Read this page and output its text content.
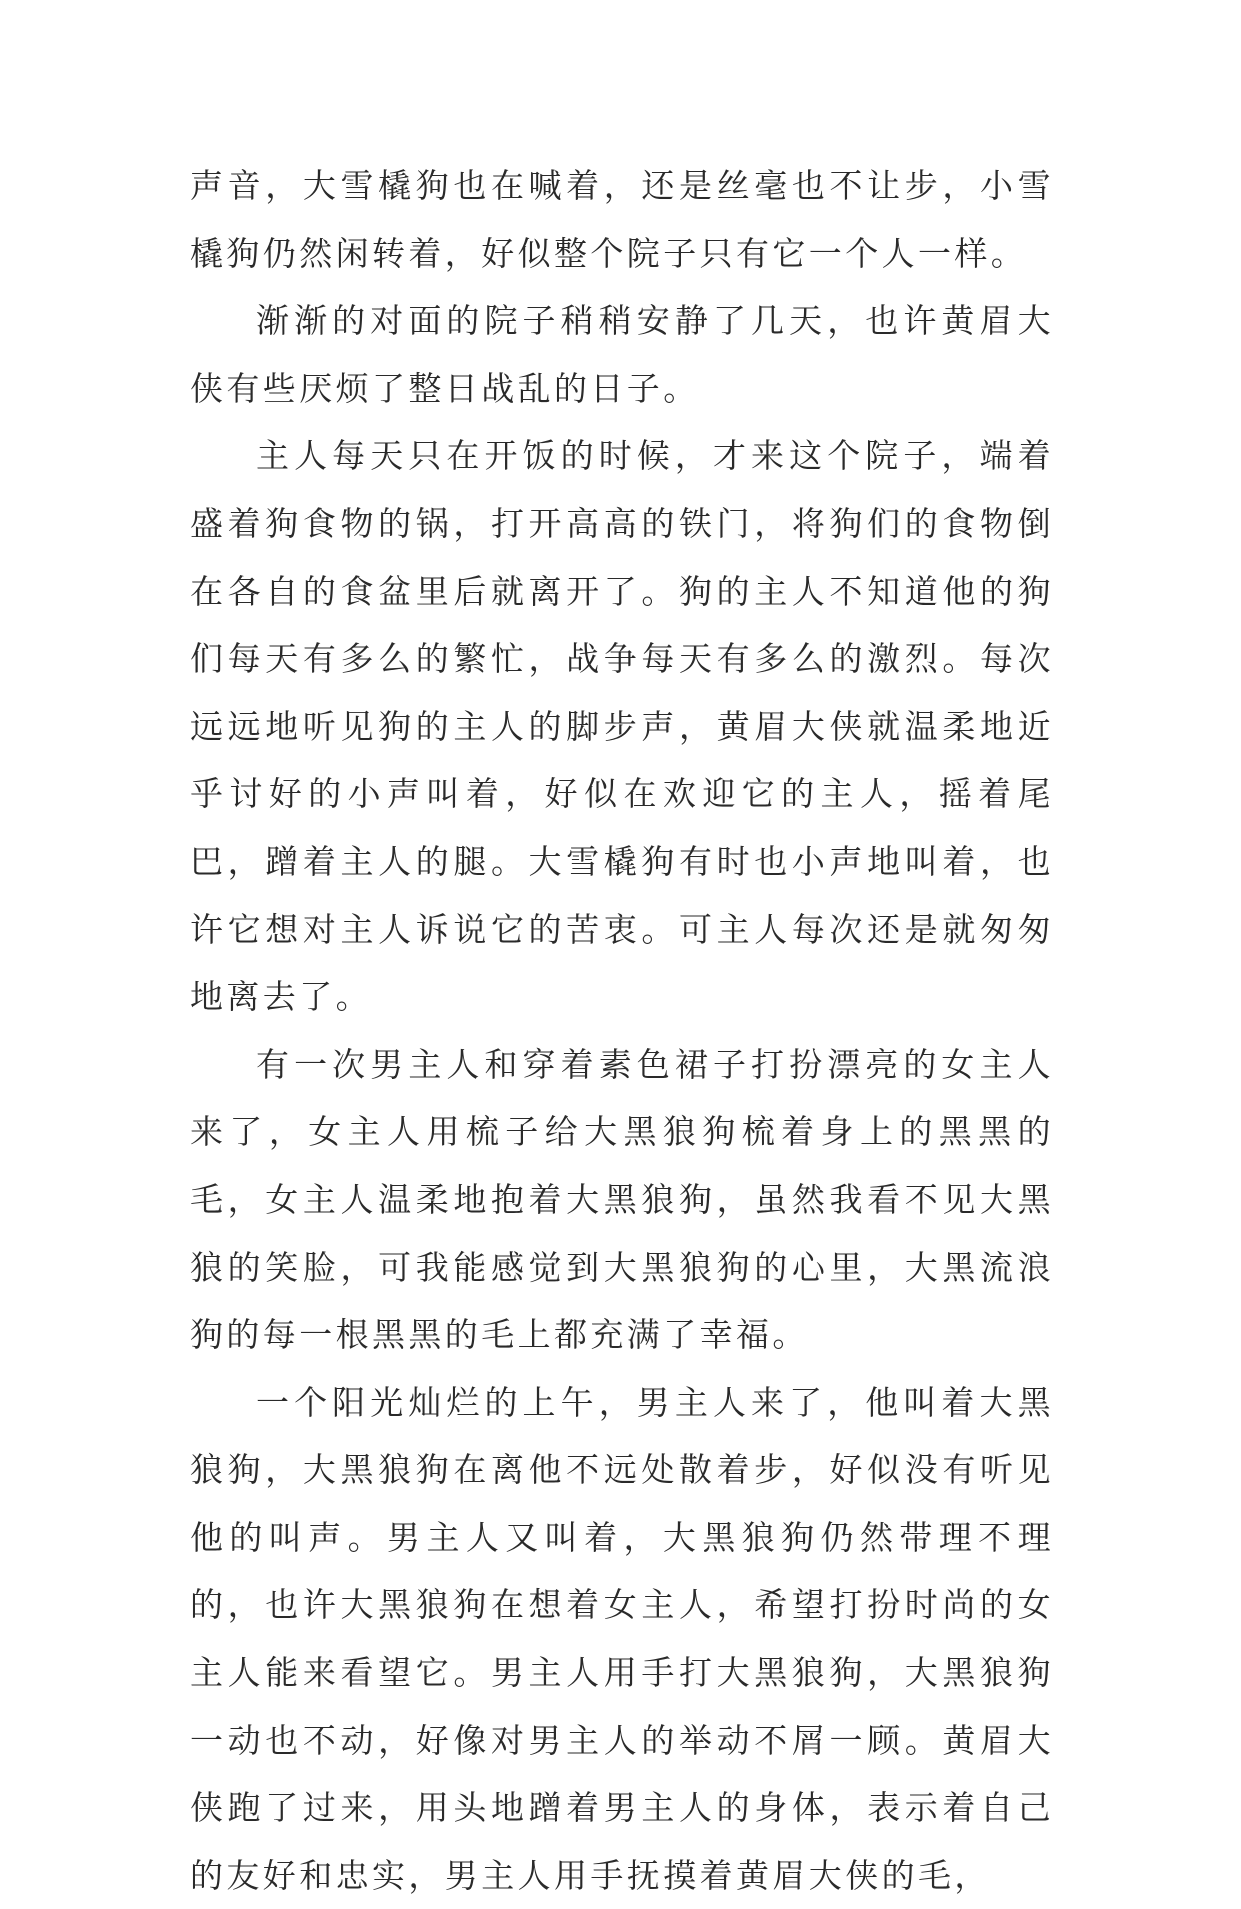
声音，大雪橇狗也在喊着，还是丝毫也不让步，小雪橇狗仍然闲转着，好似整个院子只有它一个人一样。

渐渐的对面的院子稍稍安静了几天，也许黄眉大侠有些厌烦了整日战乱的日子。

主人每天只在开饭的时候，才来这个院子，端着盛着狗食物的锅，打开高高的铁门，将狗们的食物倒在各自的食盆里后就离开了。狗的主人不知道他的狗们每天有多么的繁忙，战争每天有多么的激烈。每次远远地听见狗的主人的脚步声，黄眉大侠就温柔地近乎讨好的小声叫着，好似在欢迎它的主人，摇着尾巴，蹭着主人的腿。大雪橇狗有时也小声地叫着，也许它想对主人诉说它的苦衷。可主人每次还是就匆匆地离去了。

有一次男主人和穿着素色裙子打扮漂亮的女主人来了，女主人用梳子给大黑狼狗梳着身上的黑黑的毛，女主人温柔地抱着大黑狼狗，虽然我看不见大黑狼的笑脸，可我能感觉到大黑狼狗的心里，大黑流浪狗的每一根黑黑的毛上都充满了幸福。

一个阳光灿烂的上午，男主人来了，他叫着大黑狼狗，大黑狼狗在离他不远处散着步，好似没有听见他的叫声。男主人又叫着，大黑狼狗仍然带理不理的，也许大黑狼狗在想着女主人，希望打扮时尚的女主人能来看望它。男主人用手打大黑狼狗，大黑狼狗一动也不动，好像对男主人的举动不屑一顾。黄眉大侠跑了过来，用头地蹭着男主人的身体，表示着自己的友好和忠实，男主人用手抚摸着黄眉大侠的毛，
